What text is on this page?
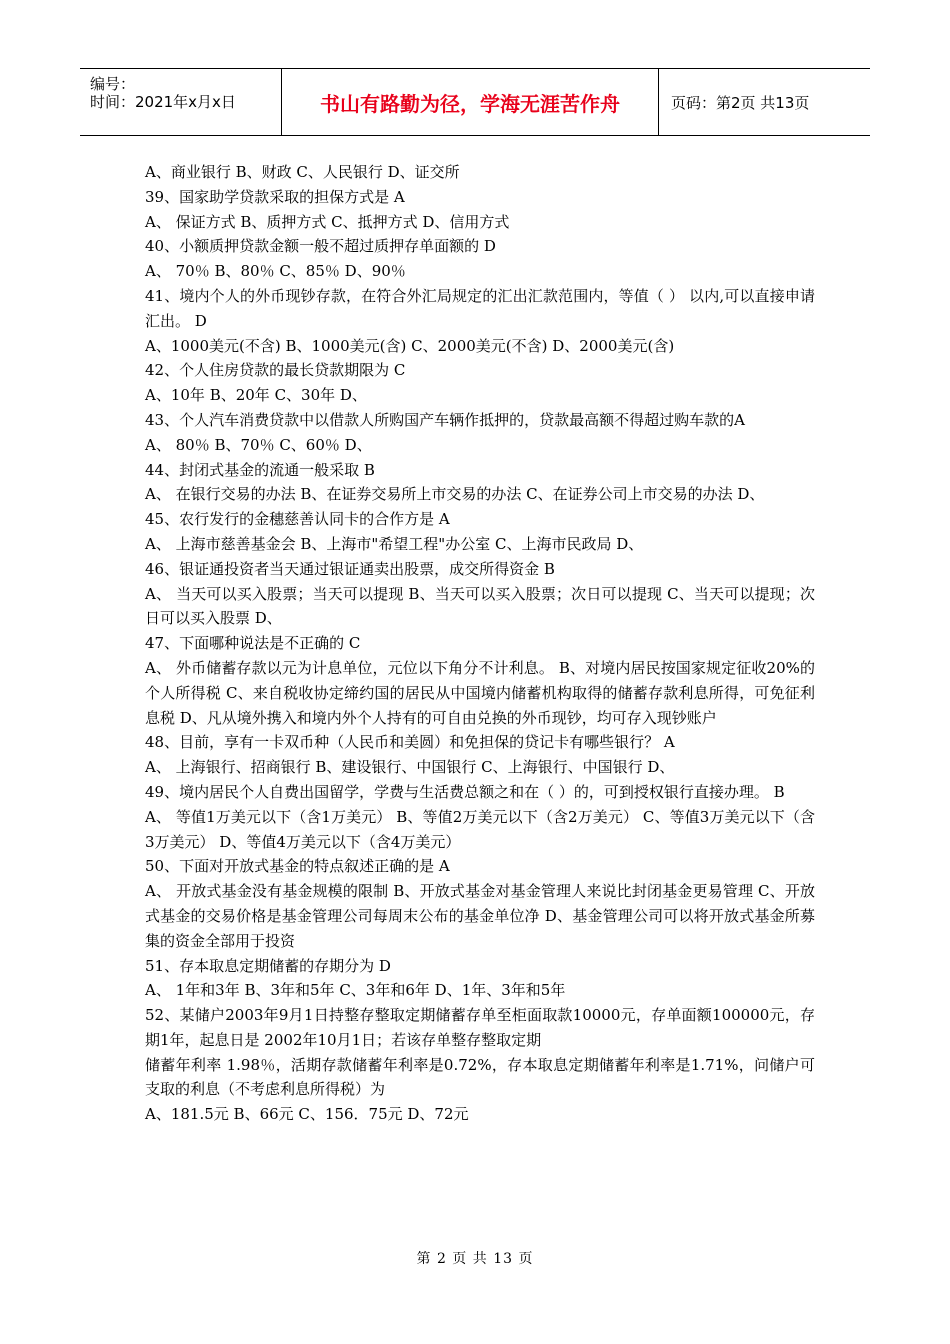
编号：
时间：2021年x月x日	书山有路勤为径，学海无涯苦作舟	页码：第2页 共13页

A、商业银行 B、财政 C、人民银行 D、证交所

39、国家助学贷款采取的担保方式是 A

A、 保证方式 B、质押方式 C、抵押方式 D、信用方式

40、小额质押贷款金额一般不超过质押存单面额的 D

A、 70％ B、80％ C、85％ D、90％

41、境内个人的外币现钞存款，在符合外汇局规定的汇出汇款范围内，等值（ ） 以内,可以直接申请汇出。 D

A、1000美元(不含) B、1000美元(含) C、2000美元(不含) D、2000美元(含)

42、个人住房贷款的最长贷款期限为 C

A、10年 B、20年 C、30年 D、

43、个人汽车消费贷款中以借款人所购国产车辆作抵押的，贷款最高额不得超过购车款的A

A、 80％ B、70％ C、60％ D、

44、封闭式基金的流通一般采取 B

A、 在银行交易的办法 B、在证券交易所上市交易的办法 C、在证券公司上市交易的办法 D、

45、农行发行的金穗慈善认同卡的合作方是 A

A、 上海市慈善基金会 B、上海市"希望工程"办公室 C、上海市民政局 D、

46、银证通投资者当天通过银证通卖出股票，成交所得资金 B

A、 当天可以买入股票；当天可以提现 B、当天可以买入股票；次日可以提现 C、当天可以提现；次日可以买入股票 D、

47、下面哪种说法是不正确的 C

A、 外币储蓄存款以元为计息单位，元位以下角分不计利息。 B、对境内居民按国家规定征收20%的个人所得税 C、来自税收协定缔约国的居民从中国境内储蓄机构取得的储蓄存款利息所得，可免征利息税 D、凡从境外携入和境内外个人持有的可自由兑换的外币现钞，均可存入现钞账户

48、目前，享有一卡双币种（人民币和美圆）和免担保的贷记卡有哪些银行？ A

A、 上海银行、招商银行 B、建设银行、中国银行 C、上海银行、中国银行 D、

49、境内居民个人自费出国留学，学费与生活费总额之和在（ ）的，可到授权银行直接办理。 B

A、 等值1万美元以下（含1万美元） B、等值2万美元以下（含2万美元） C、等值3万美元以下（含3万美元） D、等值4万美元以下（含4万美元）

50、下面对开放式基金的特点叙述正确的是 A

A、 开放式基金没有基金规模的限制 B、开放式基金对基金管理人来说比封闭基金更易管理 C、开放式基金的交易价格是基金管理公司每周末公布的基金单位净 D、基金管理公司可以将开放式基金所募集的资金全部用于投资

51、存本取息定期储蓄的存期分为 D

A、 1年和3年 B、3年和5年 C、3年和6年 D、1年、3年和5年

52、某储户2003年9月1日持整存整取定期储蓄存单至柜面取款10000元，存单面额100000元，存期1年，起息日是 2002年10月1日；若该存单整存整取定期

储蓄年利率 1.98％，活期存款储蓄年利率是0.72%，存本取息定期储蓄年利率是1.71%，问储户可支取的利息（不考虑利息所得税）为

A、181.5元 B、66元 C、156．75元 D、72元

第 2 页 共 13 页
